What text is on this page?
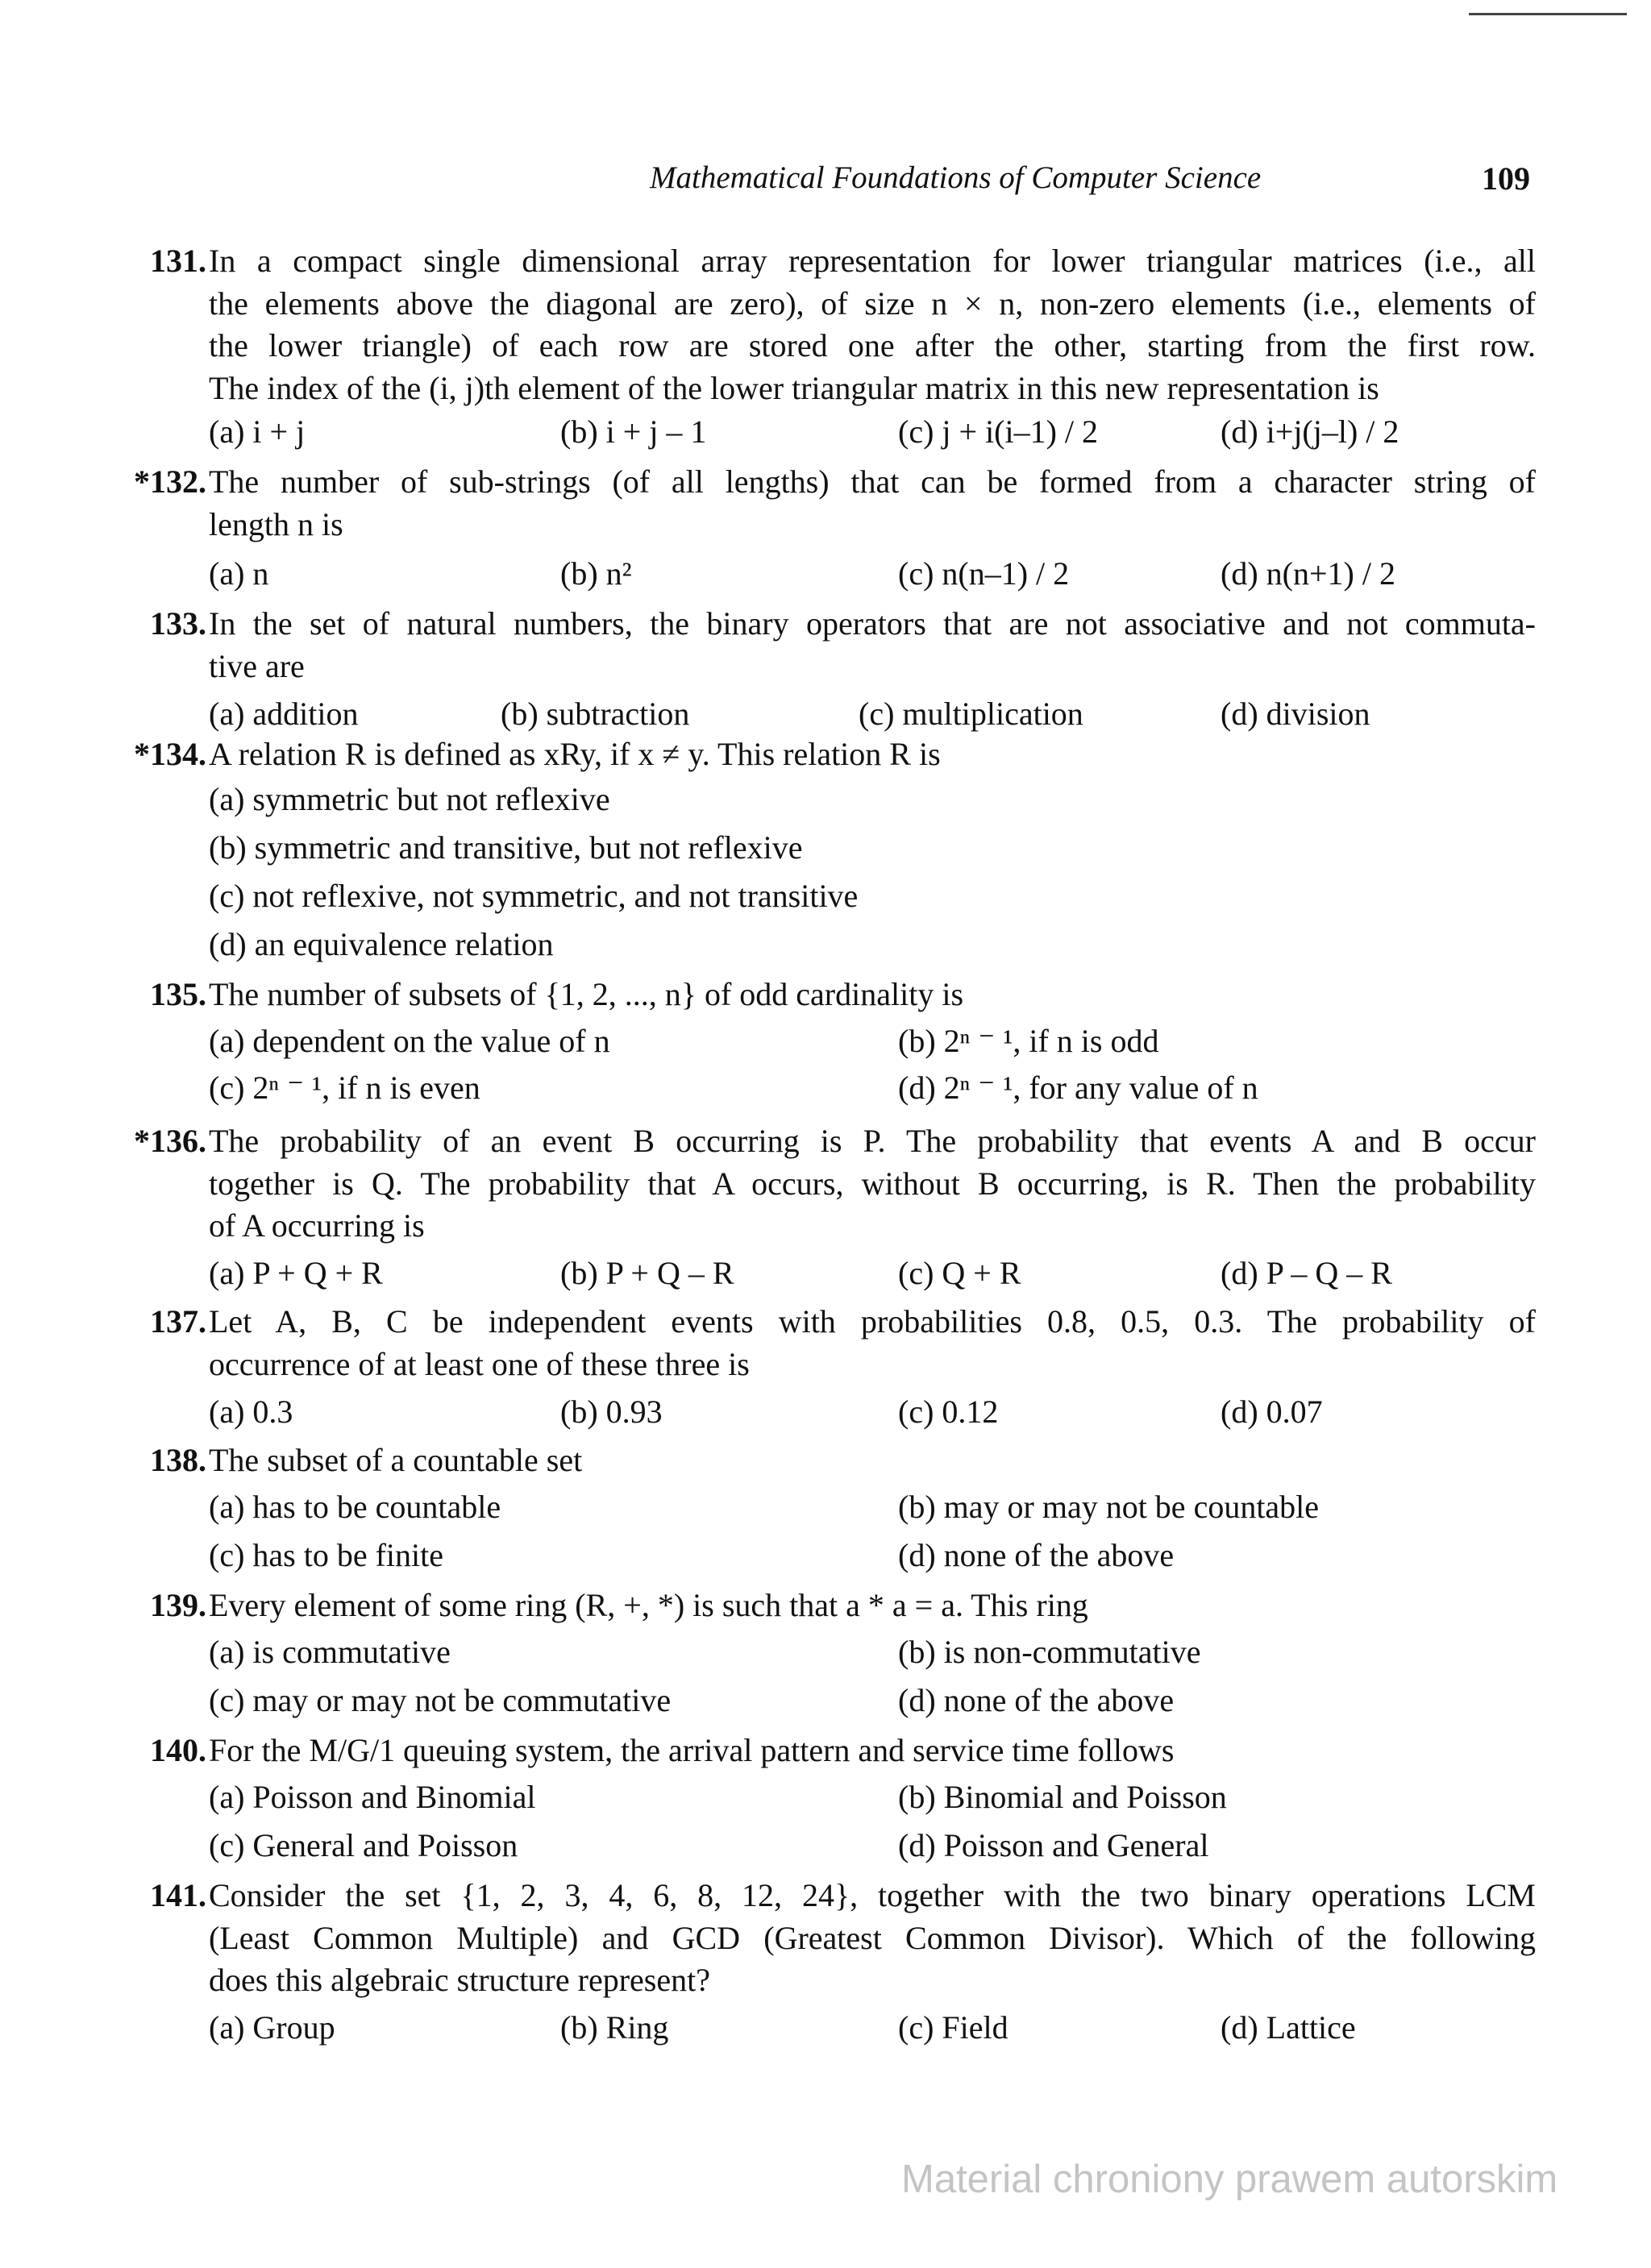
Mathematical Foundations of Computer Science	109
131. In a compact single dimensional array representation for lower triangular matrices (i.e., all
the elements above the diagonal are zero), of size n × n, non-zero elements (i.e., elements of
the lower triangle) of each row are stored one after the other, starting from the first row.
The index of the (i, j)th element of the lower triangular matrix in this new representation is
(a) i + j	(b) i + j – 1	(c) j + i(i–1) / 2	(d) i+j(j–l) / 2
*132. The number of sub-strings (of all lengths) that can be formed from a character string of
length n is
(a) n	(b) n²	(c) n(n–1) / 2	(d) n(n+1) / 2
133. In the set of natural numbers, the binary operators that are not associative and not commuta-
tive are
(a) addition	(b) subtraction	(c) multiplication	(d) division
*134. A relation R is defined as xRy, if x ≠ y. This relation R is
(a) symmetric but not reflexive
(b) symmetric and transitive, but not reflexive
(c) not reflexive, not symmetric, and not transitive
(d) an equivalence relation
135. The number of subsets of {1, 2, ..., n} of odd cardinality is
(a) dependent on the value of n	(b) 2ⁿ ⁻ ¹, if n is odd
(c) 2ⁿ ⁻ ¹, if n is even	(d) 2ⁿ ⁻ ¹, for any value of n
*136. The probability of an event B occurring is P. The probability that events A and B occur
together is Q. The probability that A occurs, without B occurring, is R. Then the probability
of A occurring is
(a) P + Q + R	(b) P + Q – R	(c) Q + R	(d) P – Q – R
137. Let A, B, C be independent events with probabilities 0.8, 0.5, 0.3. The probability of
occurrence of at least one of these three is
(a) 0.3	(b) 0.93	(c) 0.12	(d) 0.07
138. The subset of a countable set
(a) has to be countable	(b) may or may not be countable
(c) has to be finite	(d) none of the above
139. Every element of some ring (R, +, *) is such that a * a = a. This ring
(a) is commutative	(b) is non-commutative
(c) may or may not be commutative	(d) none of the above
140. For the M/G/1 queuing system, the arrival pattern and service time follows
(a) Poisson and Binomial	(b) Binomial and Poisson
(c) General and Poisson	(d) Poisson and General
141. Consider the set {1, 2, 3, 4, 6, 8, 12, 24}, together with the two binary operations LCM
(Least Common Multiple) and GCD (Greatest Common Divisor). Which of the following
does this algebraic structure represent?
(a) Group	(b) Ring	(c) Field	(d) Lattice
Material chroniony prawem autorskim
